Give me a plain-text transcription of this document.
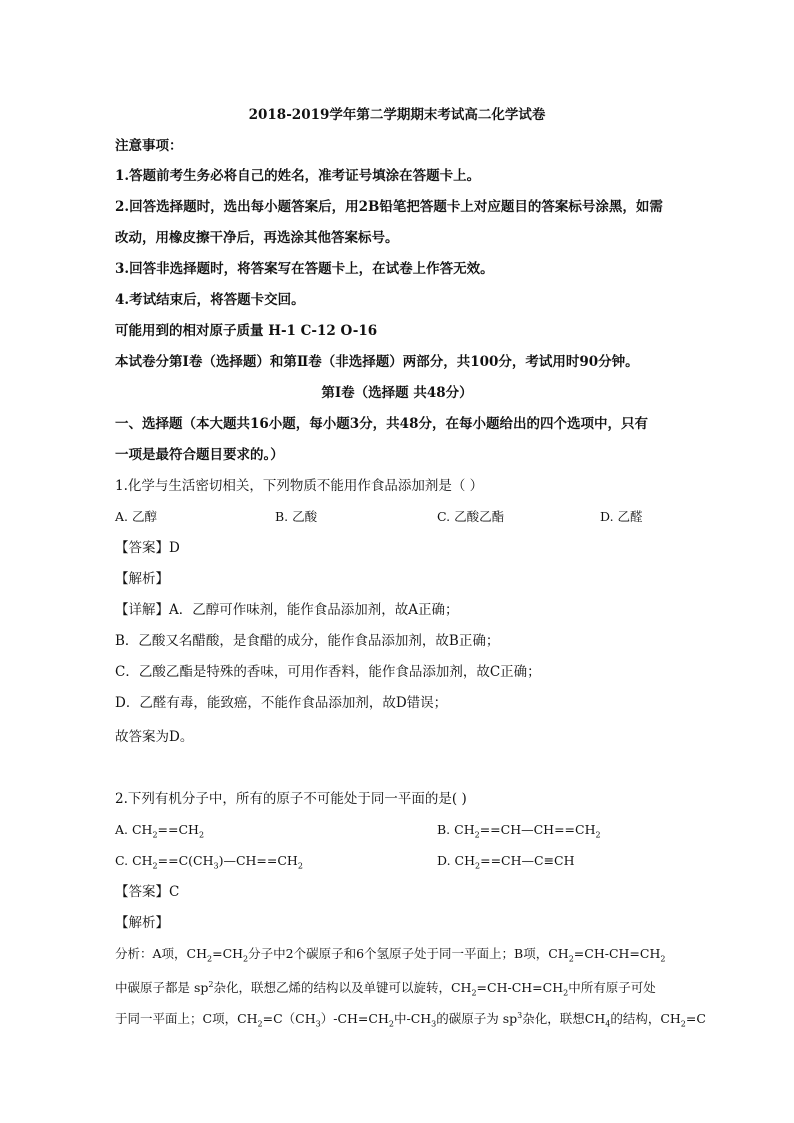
2018-2019学年第二学期期末考试高二化学试卷
注意事项：
1.答题前考生务必将自己的姓名，准考证号填涂在答题卡上。
2.回答选择题时，选出每小题答案后，用2B铅笔把答题卡上对应题目的答案标号涂黑，如需
改动，用橡皮擦干净后，再选涂其他答案标号。
3.回答非选择题时，将答案写在答题卡上，在试卷上作答无效。
4.考试结束后，将答题卡交回。
可能用到的相对原子质量 H-1 C-12 O-16
本试卷分第Ⅰ卷（选择题）和第Ⅱ卷（非选择题）两部分，共100分，考试用时90分钟。
第Ⅰ卷（选择题 共48分）
一、选择题（本大题共16小题，每小题3分，共48分，在每小题给出的四个选项中，只有
一项是最符合题目要求的。）
1.化学与生活密切相关，下列物质不能用作食品添加剂是（ ）
A. 乙醇	B. 乙酸	C. 乙酸乙酯	D. 乙醛
【答案】D
【解析】
【详解】A．乙醇可作味剂，能作食品添加剂，故A正确；
B．乙酸又名醋酸，是食醋的成分，能作食品添加剂，故B正确；
C．乙酸乙酯是特殊的香味，可用作香料，能作食品添加剂，故C正确；
D．乙醛有毒，能致癌，不能作食品添加剂，故D错误；
故答案为D。
2.下列有机分子中，所有的原子不可能处于同一平面的是( )
A. $CH_2==CH_2$	B. $CH_2==CH—CH==CH_2$
C. $CH_2==C(CH_3)—CH==CH_2$	D. $CH_2==CH—C\equiv CH$
【答案】C
【解析】
分析：A项，$CH_2=CH_2$分子中2个碳原子和6个氢原子处于同一平面上；B项，$CH_2=CH-CH=CH_2$
中碳原子都是 $sp^2$杂化，联想乙烯的结构以及单键可以旋转，$CH_2=CH-CH=CH_2$中所有原子可处
于同一平面上；C项，$CH_2=C(CH_3)-CH=CH_2$中$-CH_3$的碳原子为 $sp^3$杂化，联想$CH_4$的结构，$CH_2=C$
